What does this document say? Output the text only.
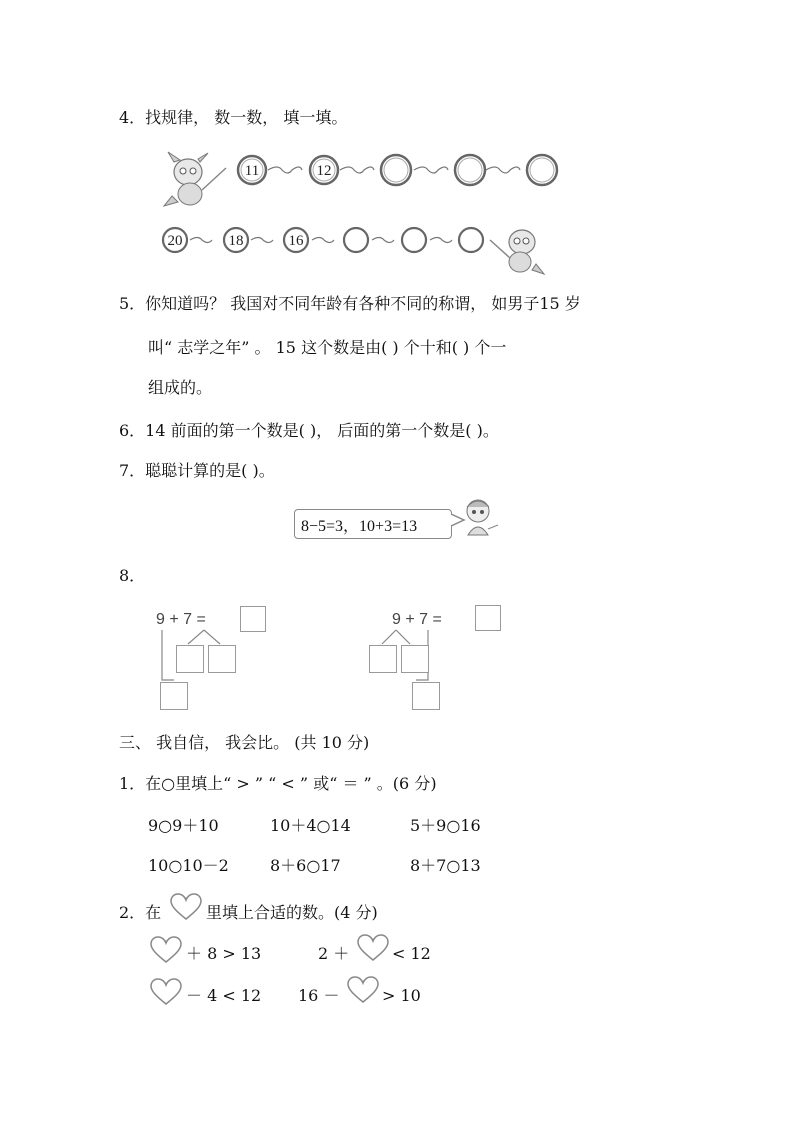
4．找规律， 数一数， 填一填。
11	12
20	18	16
5．你知道吗？ 我国对不同年龄有各种不同的称谓， 如男子15 岁
叫“ 志学之年” 。 15 这个数是由( ) 个十和( ) 个一
组成的。
6．14 前面的第一个数是( )， 后面的第一个数是( )。
7．聪聪计算的是( )。
8−5=3，10+3=13
8．
9 + 7 =	9 + 7 =
三、 我自信， 我会比。 (共 10 分)
1．在○里填上“ > ” “ < ” 或“ ＝ ” 。(6 分)
9○9＋10	10＋4○14	5＋9○16
10○10－2	8＋6○17	8＋7○13
2．在	里填上合适的数。(4 分)
＋ 8 > 13	2 ＋	< 12
－ 4 < 12 16 －	> 10
